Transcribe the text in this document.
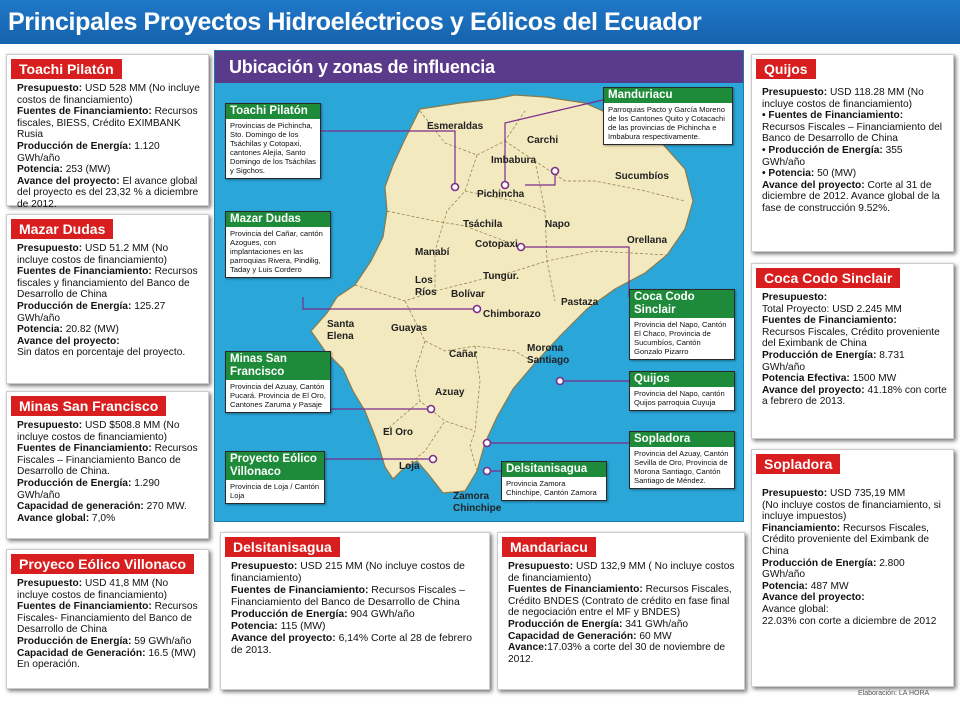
Principales Proyectos Hidroeléctricos y Eólicos del Ecuador
Toachi Pilatón

Presupuesto: USD 528 MM (No incluye costos de financiamiento)

Fuentes de Financiamiento: Recursos fiscales, BIESS, Crédito EXIMBANK Rusia

Producción de Energía: 1.120 GWh/año

Potencia: 253 (MW)

Avance del proyecto: El avance global del proyecto es del 23,32 % a diciembre de 2012.

Mazar Dudas

Presupuesto: USD 51.2 MM (No incluye costos de financiamiento)

Fuentes de Financiamiento: Recursos fiscales y financiamiento del Banco de Desarrollo de China

Producción de Energía: 125.27 GWh/año

Potencia: 20.82 (MW)

Avance del proyecto:

Sin datos en porcentaje del proyecto.

Minas San Francisco

Presupuesto: USD $508.8 MM (No incluye costos de financiamiento)

Fuentes de Financiamiento: Recursos Fiscales – Financiamiento Banco de Desarrollo de China.

Producción de Energía: 1.290 GWh/año

Capacidad de generación: 270 MW.

Avance global: 7,0%

Proyeco Eólico Villonaco

Presupuesto: USD 41,8 MM (No incluye costos de financiamiento)

Fuentes de Financiamiento: Recursos Fiscales- Financiamiento del Banco de Desarrollo de China

Producción de Energía: 59 GWh/año

Capacidad de Generación: 16.5 (MW)

En operación.

Delsitanisagua

Presupuesto: USD 215 MM (No incluye costos de financiamiento)

Fuentes de Financiamiento: Recursos Fiscales – Financiamiento del Banco de Desarrollo de China

Producción de Energía: 904 GWh/año

Potencia: 115 (MW)

Avance del proyecto: 6,14% Corte al 28 de febrero de 2013.

Mandariacu

Presupuesto: USD 132,9 MM ( No incluye costos de financiamiento)

Fuentes de Financiamiento: Recursos Fiscales, Crédito BNDES (Contrato de crédito en fase final de negociación entre el MF y BNDES)

Producción de Energía: 341 GWh/año

Capacidad de Generación: 60 MW

Avance:17.03% a corte del 30 de noviembre de 2012.

Quijos

Presupuesto: USD 118.28 MM (No incluye costos de financiamiento)

• Fuentes de Financiamiento: Recursos Fiscales – Financiamiento del Banco de Desarrollo de China
• Producción de Energía: 355 GWh/año
• Potencia: 50 (MW)

Avance del proyecto: Corte al 31 de diciembre de 2012. Avance global de la fase de construcción 9.52%.

Coca Codo Sinclair

Presupuesto:

Total Proyecto: USD 2.245 MM

Fuentes de Financiamiento:

Recursos Fiscales, Crédito proveniente del Eximbank de China

Producción de Energía: 8.731 GWh/año

Potencia Efectiva: 1500 MW

Avance del proyecto: 41.18% con corte a febrero de 2013.

Sopladora

Presupuesto: USD 735,19 MM

(No incluye costos de financiamiento, si incluye impuestos)

Financiamiento: Recursos Fiscales, Crédito proveniente del Eximbank de China

Producción de Energía: 2.800 GWh/año

Potencia: 487 MW

Avance del proyecto:

Avance global:

22.03% con corte a diciembre de 2012

Esmeraldas
Carchi
Imbabura
Sucumbíos
Pichincha
Napo
Tsáchila
Orellana
Manabí
Cotopaxi
Tungur.
Los Ríos Bolívar
Pastaza
Chimborazo
Santa Elena
Guayas
Morona Santiago
Cañar
Azuay
El Oro
Loja
Zamora Chinchipe
Ubicación y zonas de influencia
Toachi Pilatón
Provincias de Pichincha, Sto. Domingo de los Tsáchilas y Cotopaxi, cantones Alejía, Santo Domingo de los Tsáchilas y Sigchos.
Mazar Dudas
Provincia del Cañar, cantón Azogues, con implantaciones en las parroquias Rivera, Pindilig, Taday y Luis Cordero
Minas San Francisco
Provincia del Azuay, Cantón Pucará. Provincia de El Oro, Cantones Zaruma y Pasaje
Proyecto Eólico Villonaco
Provincia de Loja / Cantón Loja
Manduriacu
Parroquias Pacto y García Moreno de los Cantones Quito y Cotacachi de las provincias de Pichincha e Imbabura respectivamente.
Coca Codo Sinclair
Provincia del Napo, Cantón El Chaco, Provincia de Sucumbíos, Cantón Gonzalo Pizarro
Quijos
Provincia del Napo, cantón Quijos parroquia Cuyuja
Sopladora
Provincia del Azuay, Cantón Sevilla de Oro, Provincia de Morona Santiago, Cantón Santiago de Méndez.
Delsitanisagua
Provincia Zamora Chinchipe, Cantón Zamora
Elaboración: LA HORA
